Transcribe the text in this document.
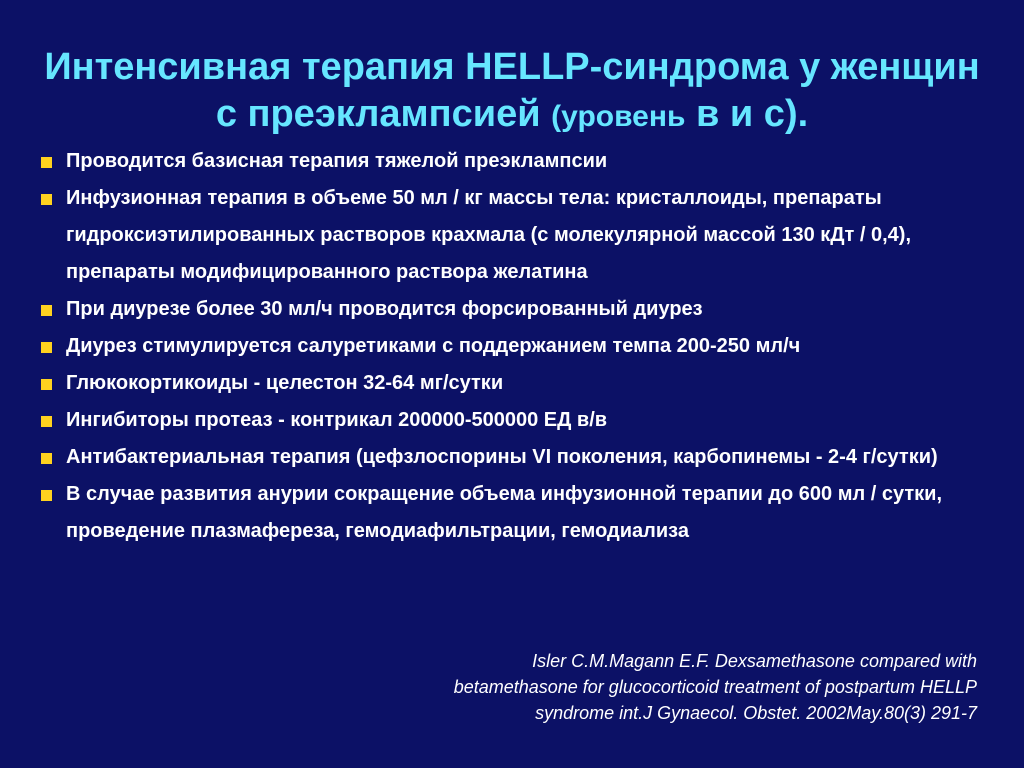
Интенсивная терапия HELLP-синдрома у женщин
с преэклампсией (уровень в и с).
Проводится базисная терапия тяжелой преэклампсии
Инфузионная терапия в объеме 50 мл / кг массы тела: кристаллоиды, препараты гидроксиэтилированных растворов крахмала (с молекулярной массой 130 кДт / 0,4), препараты модифицированного раствора желатина
При диурезе более 30 мл/ч проводится форсированный диурез
Диурез стимулируется салуретиками с поддержанием темпа 200-250 мл/ч
Глюкокортикоиды - целестон 32-64 мг/сутки
Ингибиторы протеаз - контрикал 200000-500000 ЕД в/в
Антибактериальная терапия (цефзлоспорины VI поколения, карбопинемы - 2-4 г/сутки)
В случае развития анурии сокращение объема инфузионной терапии до 600 мл / сутки, проведение плазмафереза, гемодиафильтрации, гемодиализа
Isler C.M.Magann E.F. Dexsamethasone compared with
betamethasone for glucocorticoid treatment of postpartum HELLP
syndrome int.J Gynaecol. Obstet. 2002May.80(3) 291-7
